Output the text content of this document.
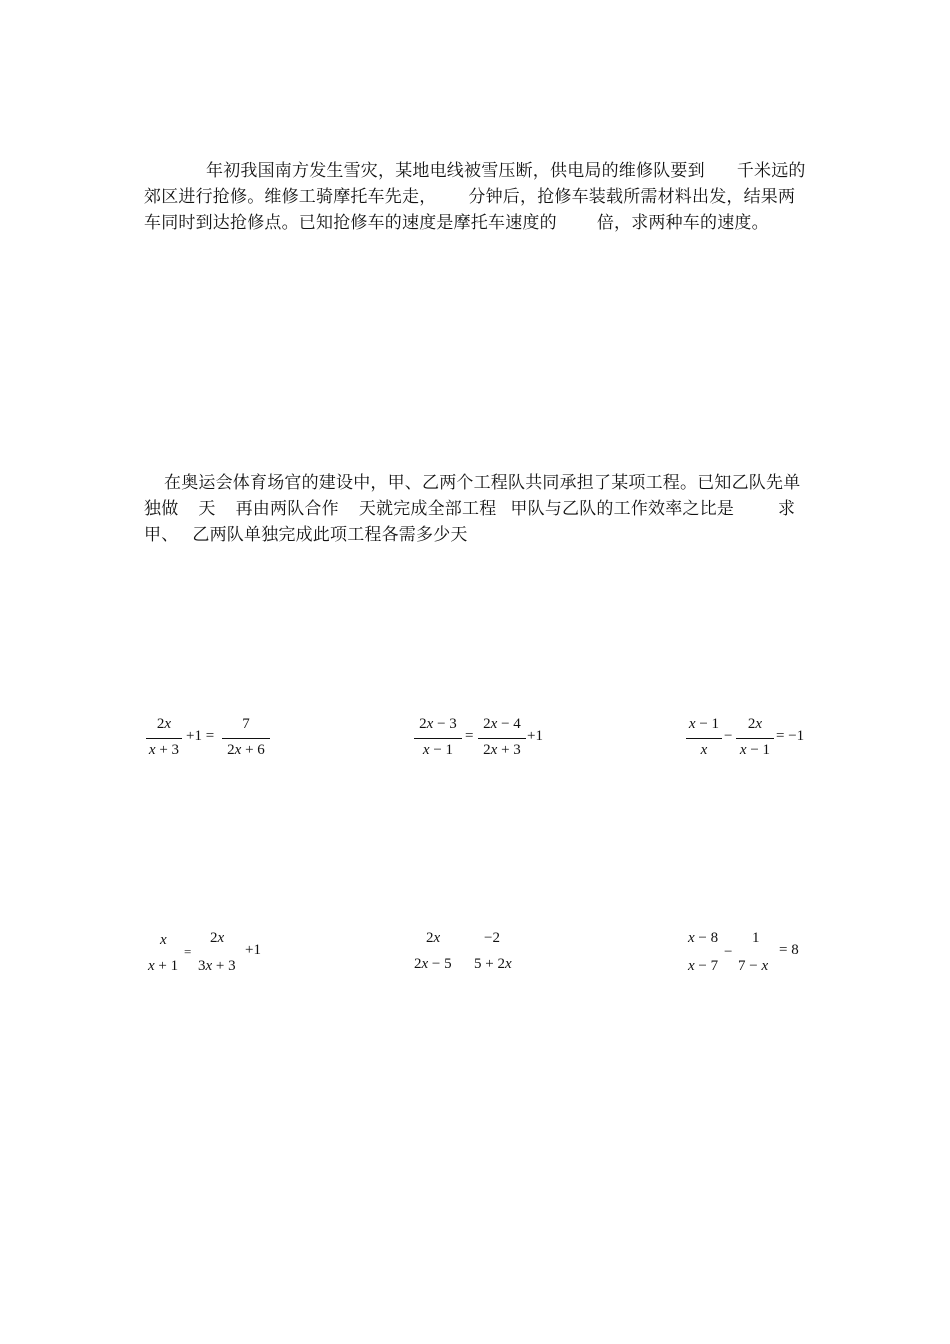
年初我国南方发生雪灾，某地电线被雪压断，供电局的维修队要到 千米远的郊区进行抢修。维修工骑摩托车先走， 分钟后，抢修车装载所需材料出发，结果两车同时到达抢修点。已知抢修车的速度是摩托车速度的 倍，求两种车的速度。
在奥运会体育场官的建设中，甲、乙两个工程队共同承担了某项工程。已知乙队先单独做 天 再由两队合作 天就完成全部工程 甲队与乙队的工作效率之比是	求甲、 乙两队单独完成此项工程各需多少天
2x
x + 3
+1 =
7
2x + 6
2x − 3
x − 1
=
2x − 4
2x + 3
+1
x − 1
x
−
2x
x − 1
= −1
x
x + 1
=
2x
3x + 3
+1
2x
2x − 5
−2
5 + 2x
x − 8
x − 7
−
1
7 − x
= 8
